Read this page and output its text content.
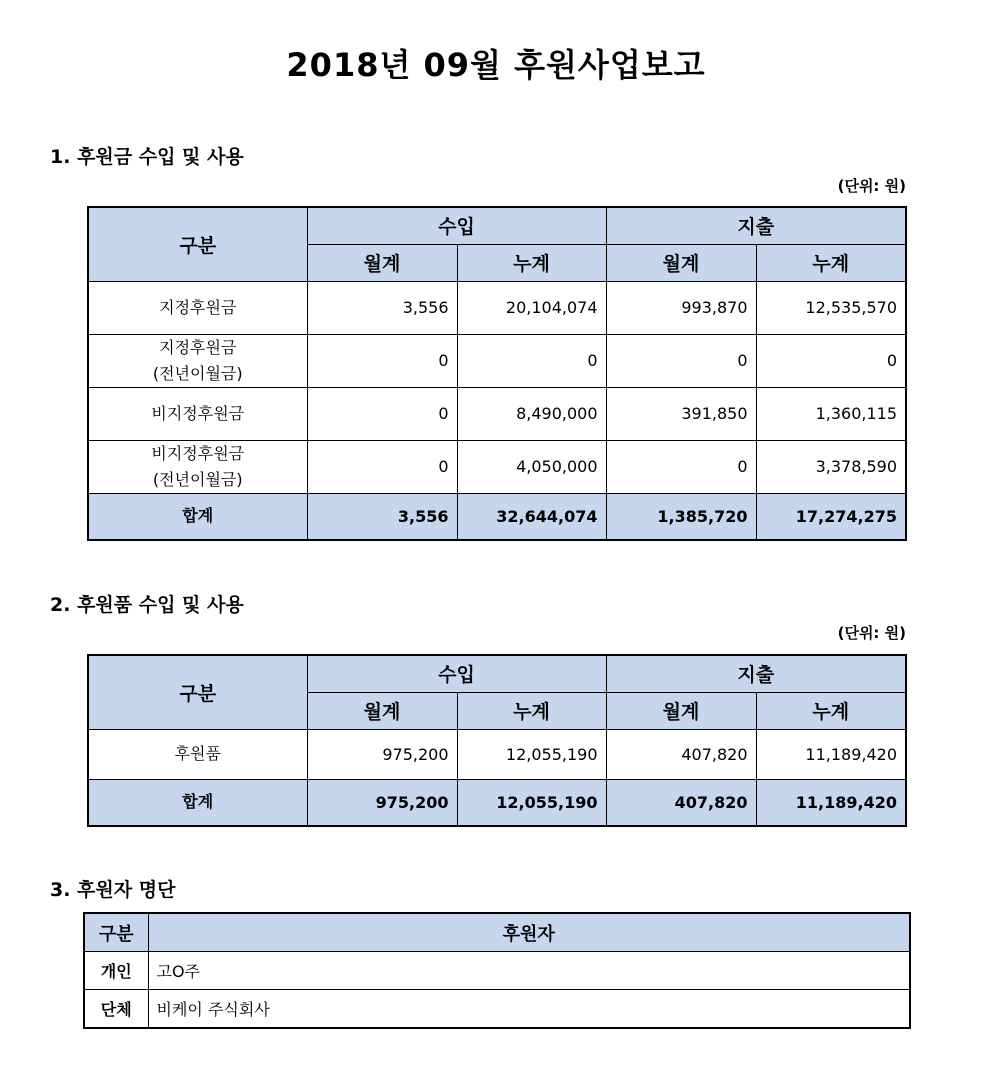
2018년 09월 후원사업보고
1. 후원금 수입 및 사용
(단위: 원)
구분	수입		지출	
	월계	누계	월계	누계
지정후원금	3,556	20,104,074	993,870	12,535,570
지정후원금
(전년이월금)	0	0	0	0
비지정후원금	0	8,490,000	391,850	1,360,115
비지정후원금
(전년이월금)	0	4,050,000	0	3,378,590
합계	3,556	32,644,074	1,385,720	17,274,275
2. 후원품 수입 및 사용
(단위: 원)
구분	수입		지출	
	월계	누계	월계	누계
후원품	975,200	12,055,190	407,820	11,189,420
합계	975,200	12,055,190	407,820	11,189,420
3. 후원자 명단
구분	후원자
개인	고O주
단체	비케이 주식회사
